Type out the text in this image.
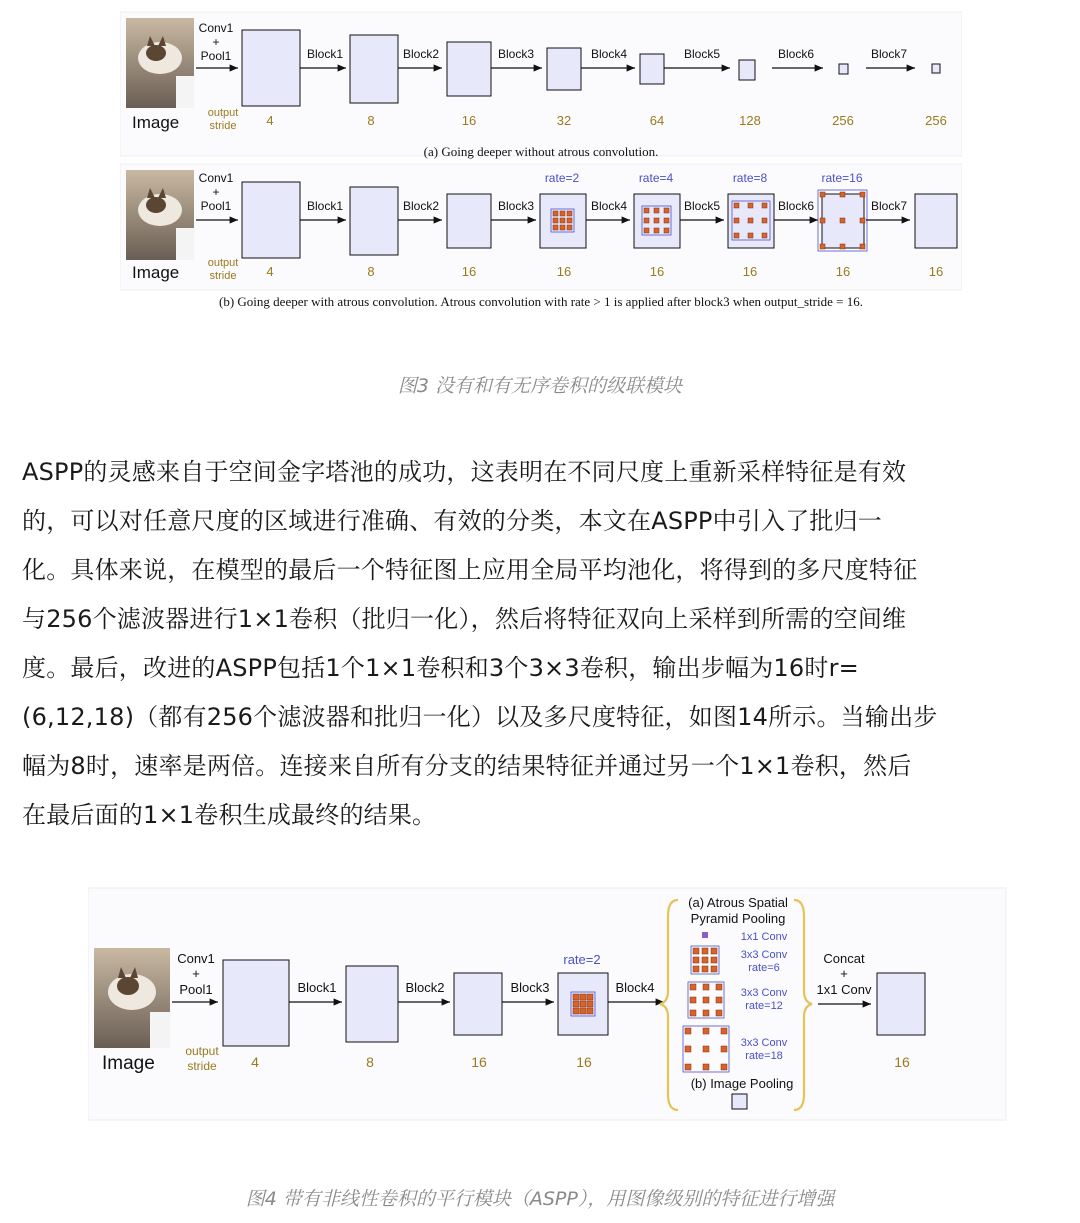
Image
Conv1
+
Pool1
output
stride
Block1	Block2	Block3	Block4	Block5	Block6	Block7
4	8	16	32	64	128	256	256
(a) Going deeper without atrous convolution.
Image
Conv1
+
Pool1
output
stride
Block1	Block2	Block3
rate=2
Block4
rate=4
Block5
rate=8
Block6
rate=16
Block7
4	8	16	16	16	16	16	16
(b) Going deeper with atrous convolution. Atrous convolution with rate > 1 is applied after block3 when output_stride = 16.
图3 没有和有无序卷积的级联模块
ASPP的灵感来自于空间金字塔池的成功，这表明在不同尺度上重新采样特征是有效
的，可以对任意尺度的区域进行准确、有效的分类，本文在ASPP中引入了批归一
化。具体来说，在模型的最后一个特征图上应用全局平均池化，将得到的多尺度特征
与256个滤波器进行1×1卷积（批归一化），然后将特征双向上采样到所需的空间维
度。最后，改进的ASPP包括1个1×1卷积和3个3×3卷积，输出步幅为16时r=
(6,12,18)（都有256个滤波器和批归一化）以及多尺度特征，如图14所示。当输出步
幅为8时，速率是两倍。连接来自所有分支的结果特征并通过另一个1×1卷积，然后
在最后面的1×1卷积生成最终的结果。
Image
Conv1
+
Pool1
output
stride
Block1	Block2	Block3
rate=2
Block4
(a) Atrous Spatial
Pyramid Pooling
1x1 Conv
3x3 Conv
rate=6
3x3 Conv
rate=12
3x3 Conv
rate=18
(b) Image Pooling
Concat
+
1x1 Conv
4	8	16	16	16
图4 带有非线性卷积的平行模块（ASPP），用图像级别的特征进行增强
